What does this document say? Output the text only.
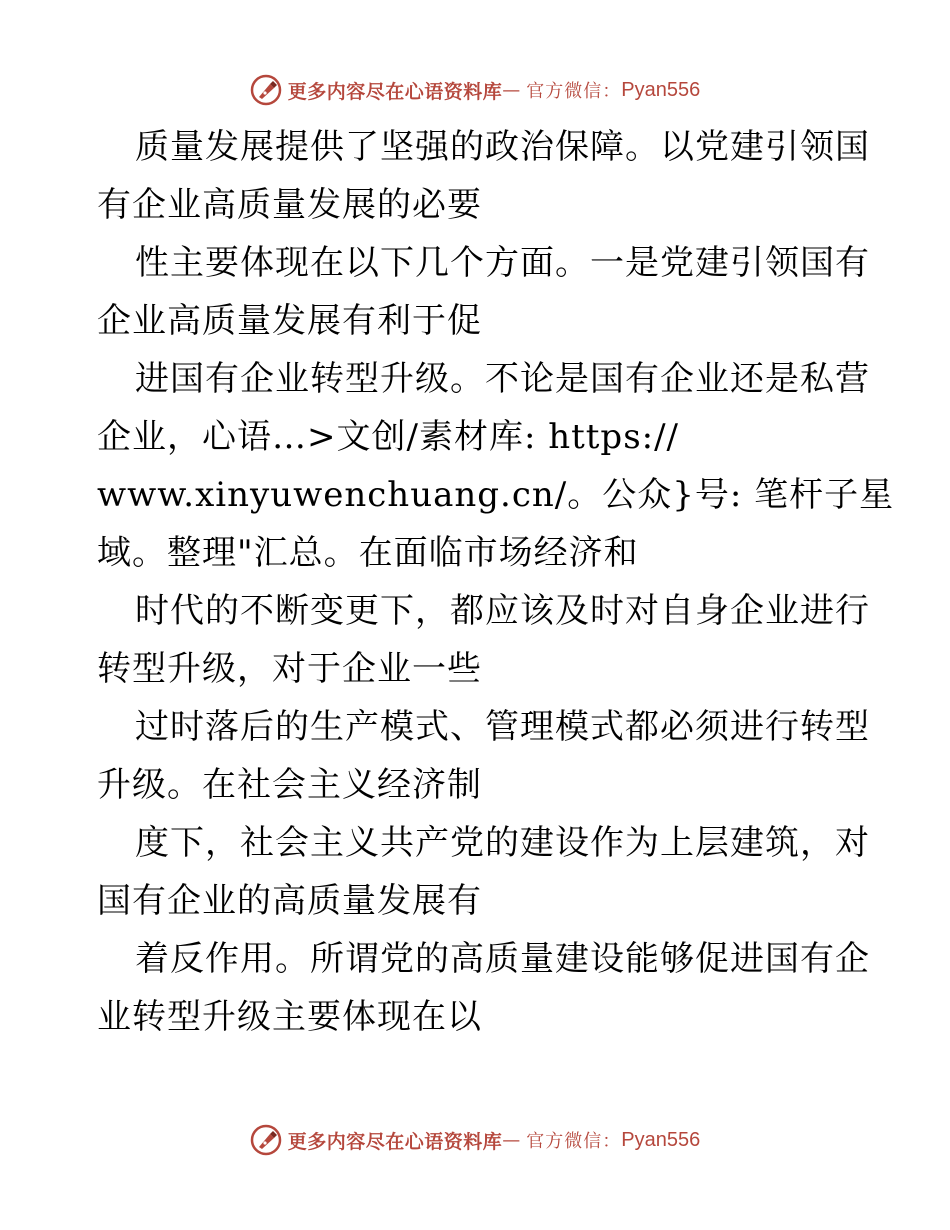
更多内容尽在心语资料库 — 官方微信： Pyan556
质量发展提供了坚强的政治保障。以党建引领国
有企业高质量发展的必要
性主要体现在以下几个方面。一是党建引领国有
企业高质量发展有利于促
进国有企业转型升级。不论是国有企业还是私营
企业，心语…>文创/素材库: https://
www.xinyuwenchuang.cn/。公众}号: 笔杆子星
域。整理"汇总。在面临市场经济和
时代的不断变更下，都应该及时对自身企业进行
转型升级，对于企业一些
过时落后的生产模式、管理模式都必须进行转型
升级。在社会主义经济制
度下，社会主义共产党的建设作为上层建筑，对
国有企业的高质量发展有
着反作用。所谓党的高质量建设能够促进国有企
业转型升级主要体现在以
更多内容尽在心语资料库 — 官方微信： Pyan556
